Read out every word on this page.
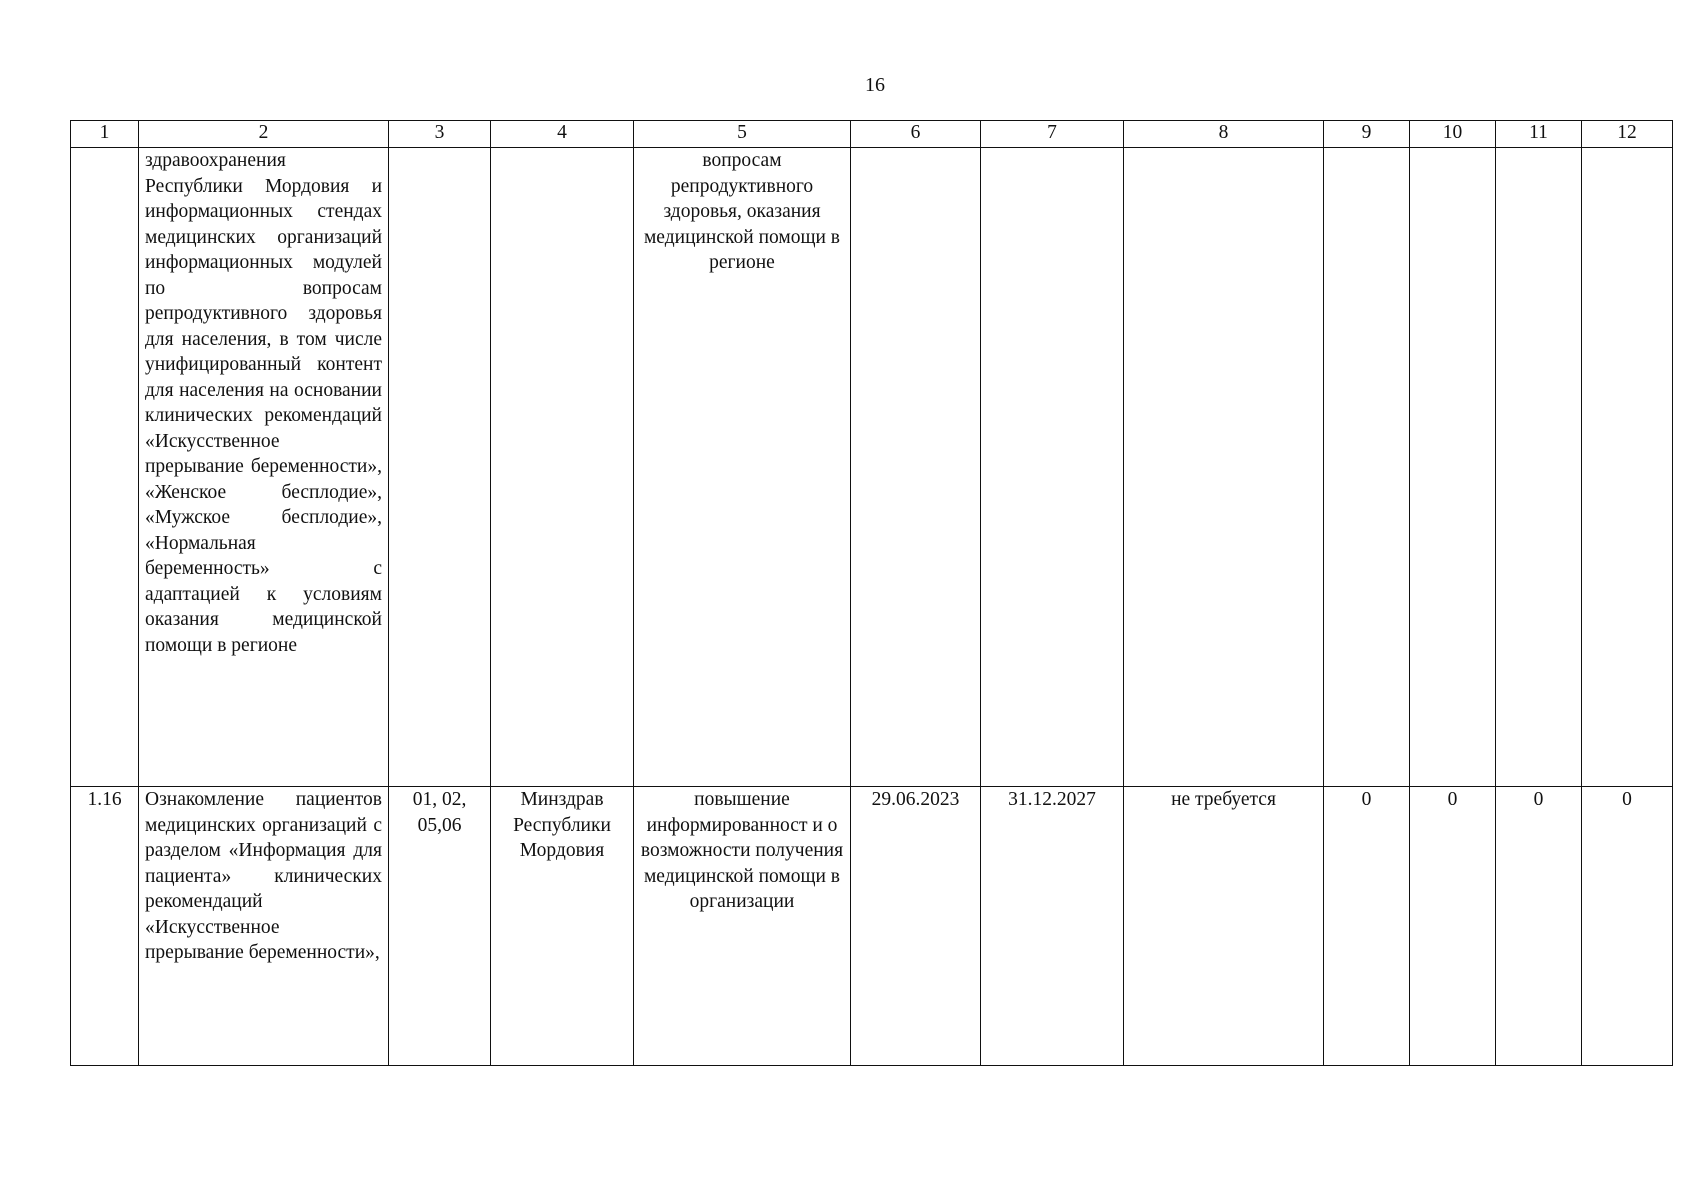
16
1	2	3	4	5	6	7	8	9	10	11	12
	здравоохранения Республики Мордовия и информационных стендах медицинских организаций информационных модулей по вопросам репродуктивного здоровья для населения, в том числе унифицированный контент для населения на основании клинических рекомендаций «Искусственное прерывание беременности», «Женское бесплодие», «Мужское бесплодие», «Нормальная беременность» с адаптацией к условиям оказания медицинской помощи в регионе			вопросам репродуктивного здоровья, оказания медицинской помощи в регионе							
1.16	Ознакомление пациентов медицинских организаций с разделом «Информация для пациента» клинических рекомендаций «Искусственное прерывание беременности»,	01, 02, 05,06	Минздрав Республики Мордовия	повышение информированност и о возможности получения медицинской помощи в организации	29.06.2023	31.12.2027	не требуется	0	0	0	0
